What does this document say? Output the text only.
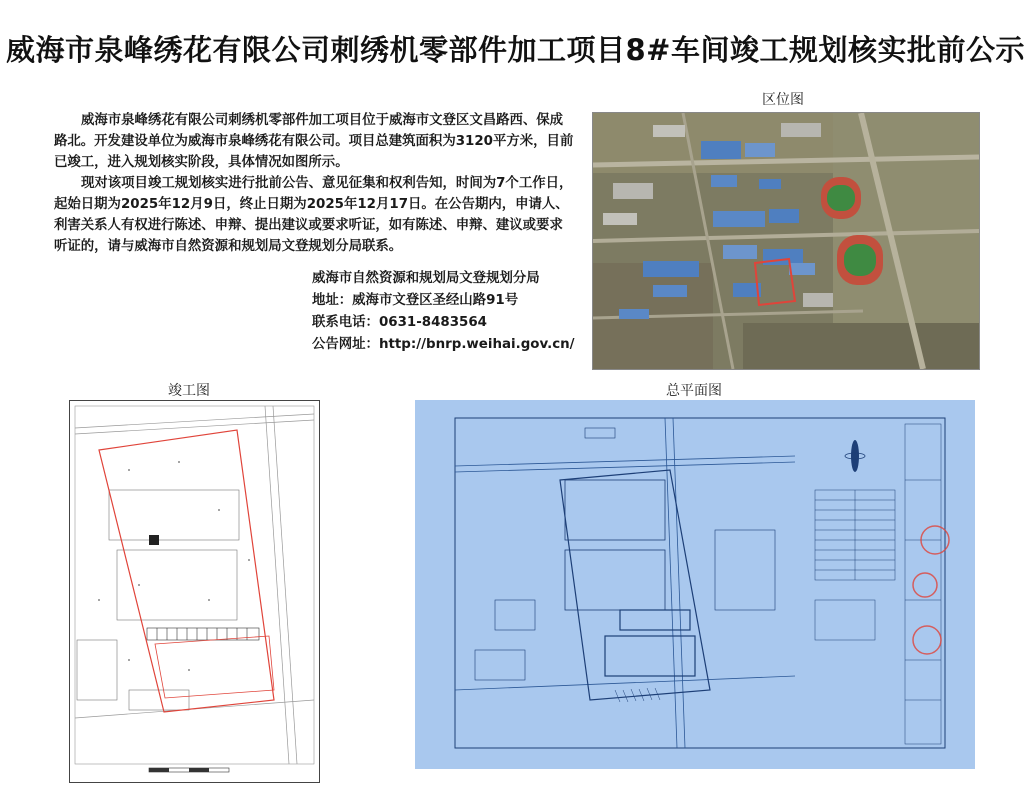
威海市泉峰绣花有限公司刺绣机零部件加工项目8#车间竣工规划核实批前公示

威海市泉峰绣花有限公司刺绣机零部件加工项目位于威海市文登区文昌路西、保成路北。开发建设单位为威海市泉峰绣花有限公司。项目总建筑面积为3120平方米，目前已竣工，进入规划核实阶段，具体情况如图所示。

现对该项目竣工规划核实进行批前公告、意见征集和权利告知，时间为7个工作日，起始日期为2025年12月9日，终止日期为2025年12月17日。在公告期内，申请人、利害关系人有权进行陈述、申辩、提出建议或要求听证，如有陈述、申辩、建议或要求听证的，请与威海市自然资源和规划局文登规划分局联系。

威海市自然资源和规划局文登规划分局
地址：威海市文登区圣经山路91号
联系电话：0631-8483564
公告网址：http://bnrp.weihai.gov.cn/
区位图
竣工图	总平面图
